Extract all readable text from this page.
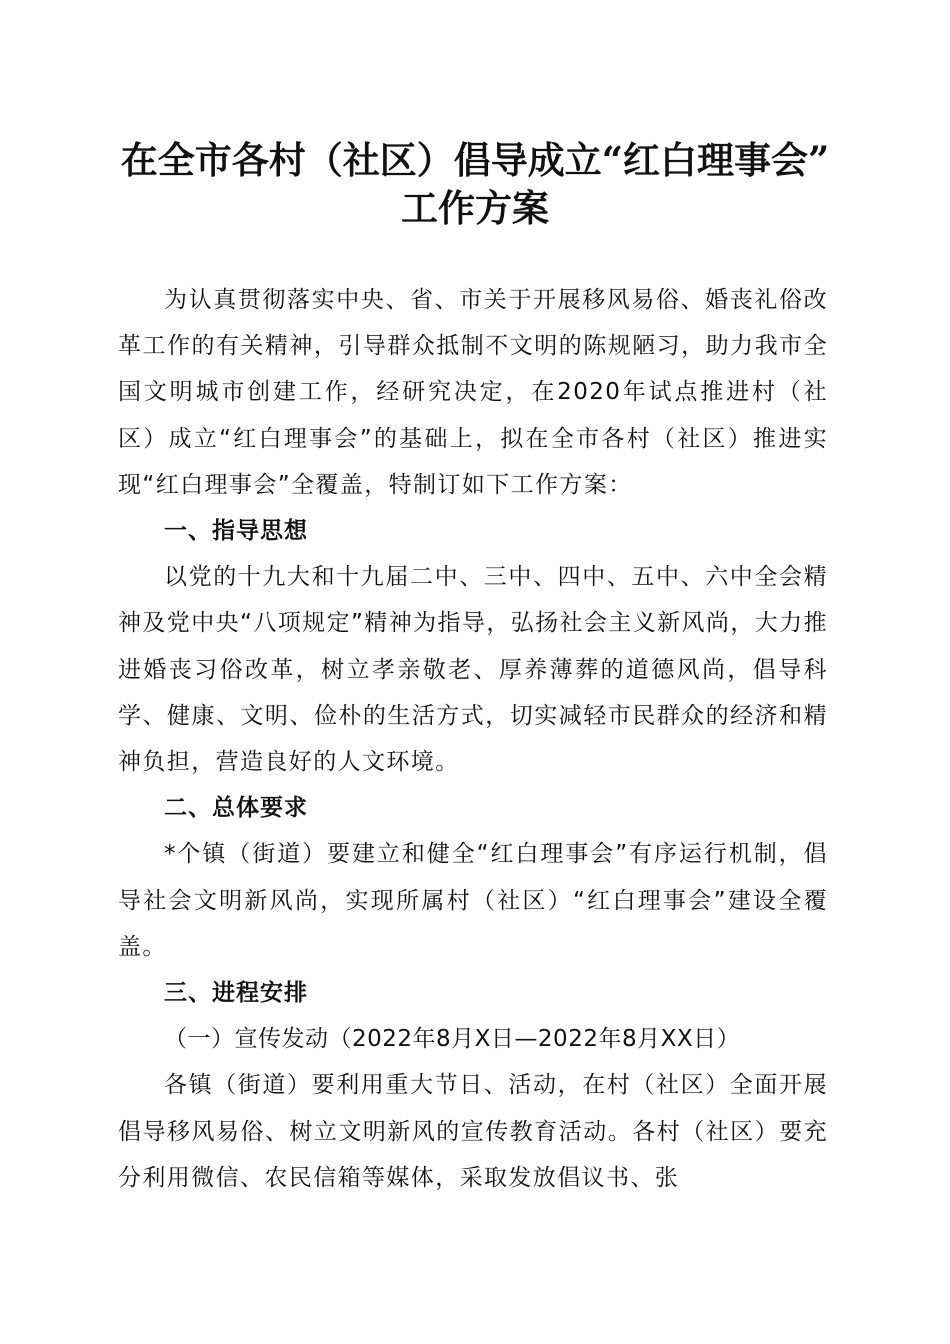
在全市各村（社区）倡导成立“红白理事会”
工作方案

为认真贯彻落实中央、省、市关于开展移风易俗、婚丧礼俗改革工作的有关精神，引导群众抵制不文明的陈规陋习，助力我市全国文明城市创建工作，经研究决定，在2020年试点推进村（社区）成立“红白理事会”的基础上，拟在全市各村（社区）推进实现“红白理事会”全覆盖，特制订如下工作方案：

一、指导思想

以党的十九大和十九届二中、三中、四中、五中、六中全会精神及党中央“八项规定”精神为指导，弘扬社会主义新风尚，大力推进婚丧习俗改革，树立孝亲敬老、厚养薄葬的道德风尚，倡导科学、健康、文明、俭朴的生活方式，切实减轻市民群众的经济和精神负担，营造良好的人文环境。

二、总体要求

*个镇（街道）要建立和健全“红白理事会”有序运行机制，倡导社会文明新风尚，实现所属村（社区）“红白理事会”建设全覆盖。

三、进程安排

（一）宣传发动（2022年8月X日—2022年8月XX日）

各镇（街道）要利用重大节日、活动，在村（社区）全面开展倡导移风易俗、树立文明新风的宣传教育活动。各村（社区）要充分利用微信、农民信箱等媒体，采取发放倡议书、张
